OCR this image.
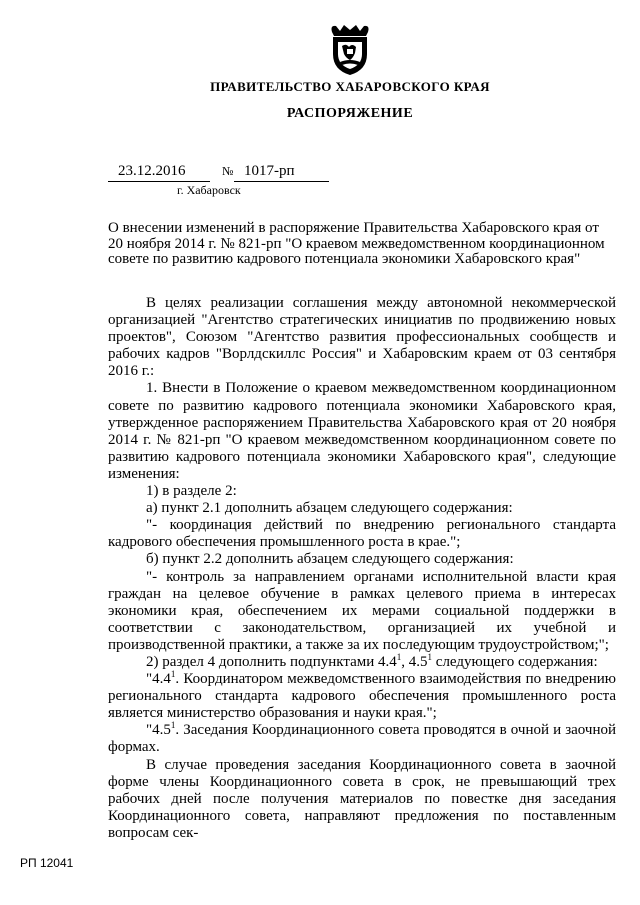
ПРАВИТЕЛЬСТВО ХАБАРОВСКОГО КРАЯ
РАСПОРЯЖЕНИЕ
23.12.2016	№ 1017-рп
г. Хабаровск
О внесении изменений в распоряжение Правительства Хабаровского края от 20 ноября 2014 г. № 821-рп "О краевом межведомственном координационном совете по развитию кадрового потенциала экономики Хабаровского края"

В целях реализации соглашения между автономной некоммерческой организацией "Агентство стратегических инициатив по продвижению новых проектов", Союзом "Агентство развития профессиональных сообществ и рабочих кадров "Ворлдскиллс Россия" и Хабаровским краем от 03 сентября 2016 г.:

1. Внести в Положение о краевом межведомственном координационном совете по развитию кадрового потенциала экономики Хабаровского края, утвержденное распоряжением Правительства Хабаровского края от 20 ноября 2014 г. № 821-рп "О краевом межведомственном координационном совете по развитию кадрового потенциала экономики Хабаровского края", следующие изменения:

1) в разделе 2:

а) пункт 2.1 дополнить абзацем следующего содержания:

"- координация действий по внедрению регионального стандарта кадрового обеспечения промышленного роста в крае.";

б) пункт 2.2 дополнить абзацем следующего содержания:

"- контроль за направлением органами исполнительной власти края граждан на целевое обучение в рамках целевого приема в интересах экономики края, обеспечением их мерами социальной поддержки в соответствии с законодательством, организацией их учебной и производственной практики, а также за их последующим трудоустройством;";

2) раздел 4 дополнить подпунктами $4.4^1$, $4.5^1$ следующего содержания:

"$4.4^1$. Координатором межведомственного взаимодействия по внедрению регионального стандарта кадрового обеспечения промышленного роста является министерство образования и науки края.";

"$4.5^1$. Заседания Координационного совета проводятся в очной и заочной формах.

В случае проведения заседания Координационного совета в заочной форме члены Координационного совета в срок, не превышающий трех рабочих дней после получения материалов по повестке дня заседания Координационного совета, направляют предложения по поставленным вопросам сек-

РП 12041
